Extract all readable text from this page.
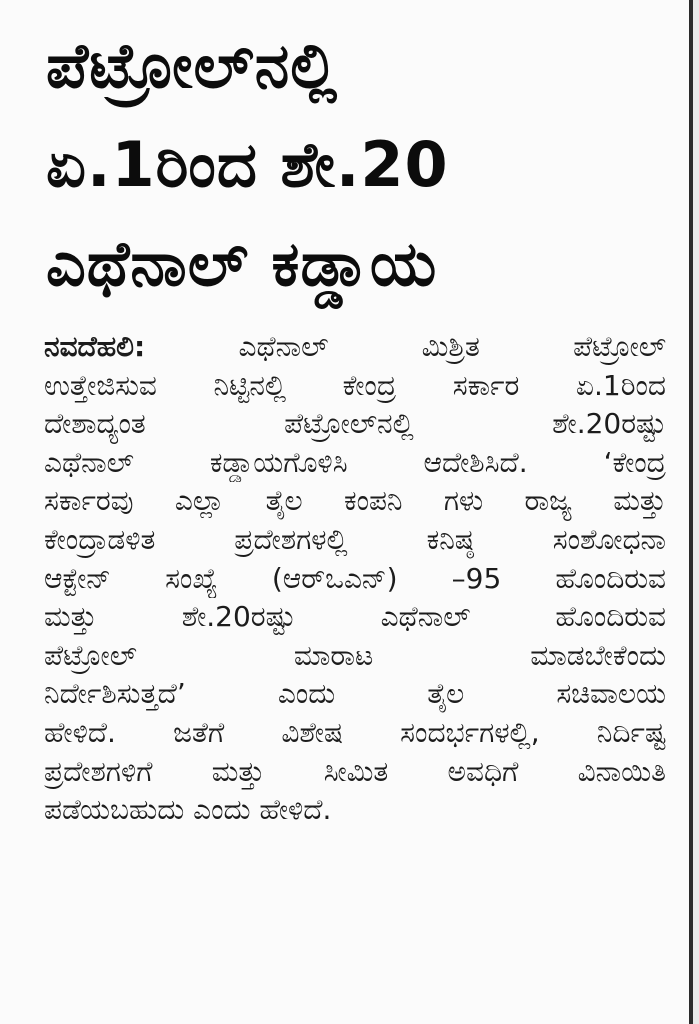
ಪೆಟ್ರೋಲ್‌ನಲ್ಲಿ
ಏ.1ರಿಂದ ಶೇ.20
ಎಥೆನಾಲ್ ಕಡ್ಡಾಯ
ನವದೆಹಲಿ:	ಎಥೆನಾಲ್ ಮಿಶ್ರಿತ ಪೆಟ್ರೋಲ್
ಉತ್ತೇಜಿಸುವ ನಿಟ್ಟಿನಲ್ಲಿ ಕೇಂದ್ರ ಸರ್ಕಾರ ಏ.1ರಿಂದ
ದೇಶಾದ್ಯಂತ ಪೆಟ್ರೋಲ್‌ನಲ್ಲಿ ಶೇ.20ರಷ್ಟು
ಎಥೆನಾಲ್ ಕಡ್ಡಾಯಗೊಳಿಸಿ ಆದೇಶಿಸಿದೆ. ‘ಕೇಂದ್ರ
ಸರ್ಕಾರವು ಎಲ್ಲಾ ತೈಲ ಕಂಪನಿ ಗಳು ರಾಜ್ಯ ಮತ್ತು
ಕೇಂದ್ರಾಡಳಿತ ಪ್ರದೇಶಗಳಲ್ಲಿ ಕನಿಷ್ಠ ಸಂಶೋಧನಾ
ಆಕ್ಟೇನ್ ಸಂಖ್ಯೆ (ಆರ್‌ಒಎನ್) –95 ಹೊಂದಿರುವ
ಮತ್ತು ಶೇ.20ರಷ್ಟು ಎಥೆನಾಲ್ ಹೊಂದಿರುವ
ಪೆಟ್ರೋಲ್ ಮಾರಾಟ ಮಾಡಬೇಕೆಂದು
ನಿರ್ದೇಶಿಸುತ್ತದೆ’ ಎಂದು ತೈಲ ಸಚಿವಾಲಯ
ಹೇಳಿದೆ. ಜತೆಗೆ ವಿಶೇಷ ಸಂದರ್ಭಗಳಲ್ಲಿ, ನಿರ್ದಿಷ್ಟ
ಪ್ರದೇಶಗಳಿಗೆ ಮತ್ತು ಸೀಮಿತ ಅವಧಿಗೆ ವಿನಾಯಿತಿ
ಪಡೆಯಬಹುದು ಎಂದು ಹೇಳಿದೆ.
